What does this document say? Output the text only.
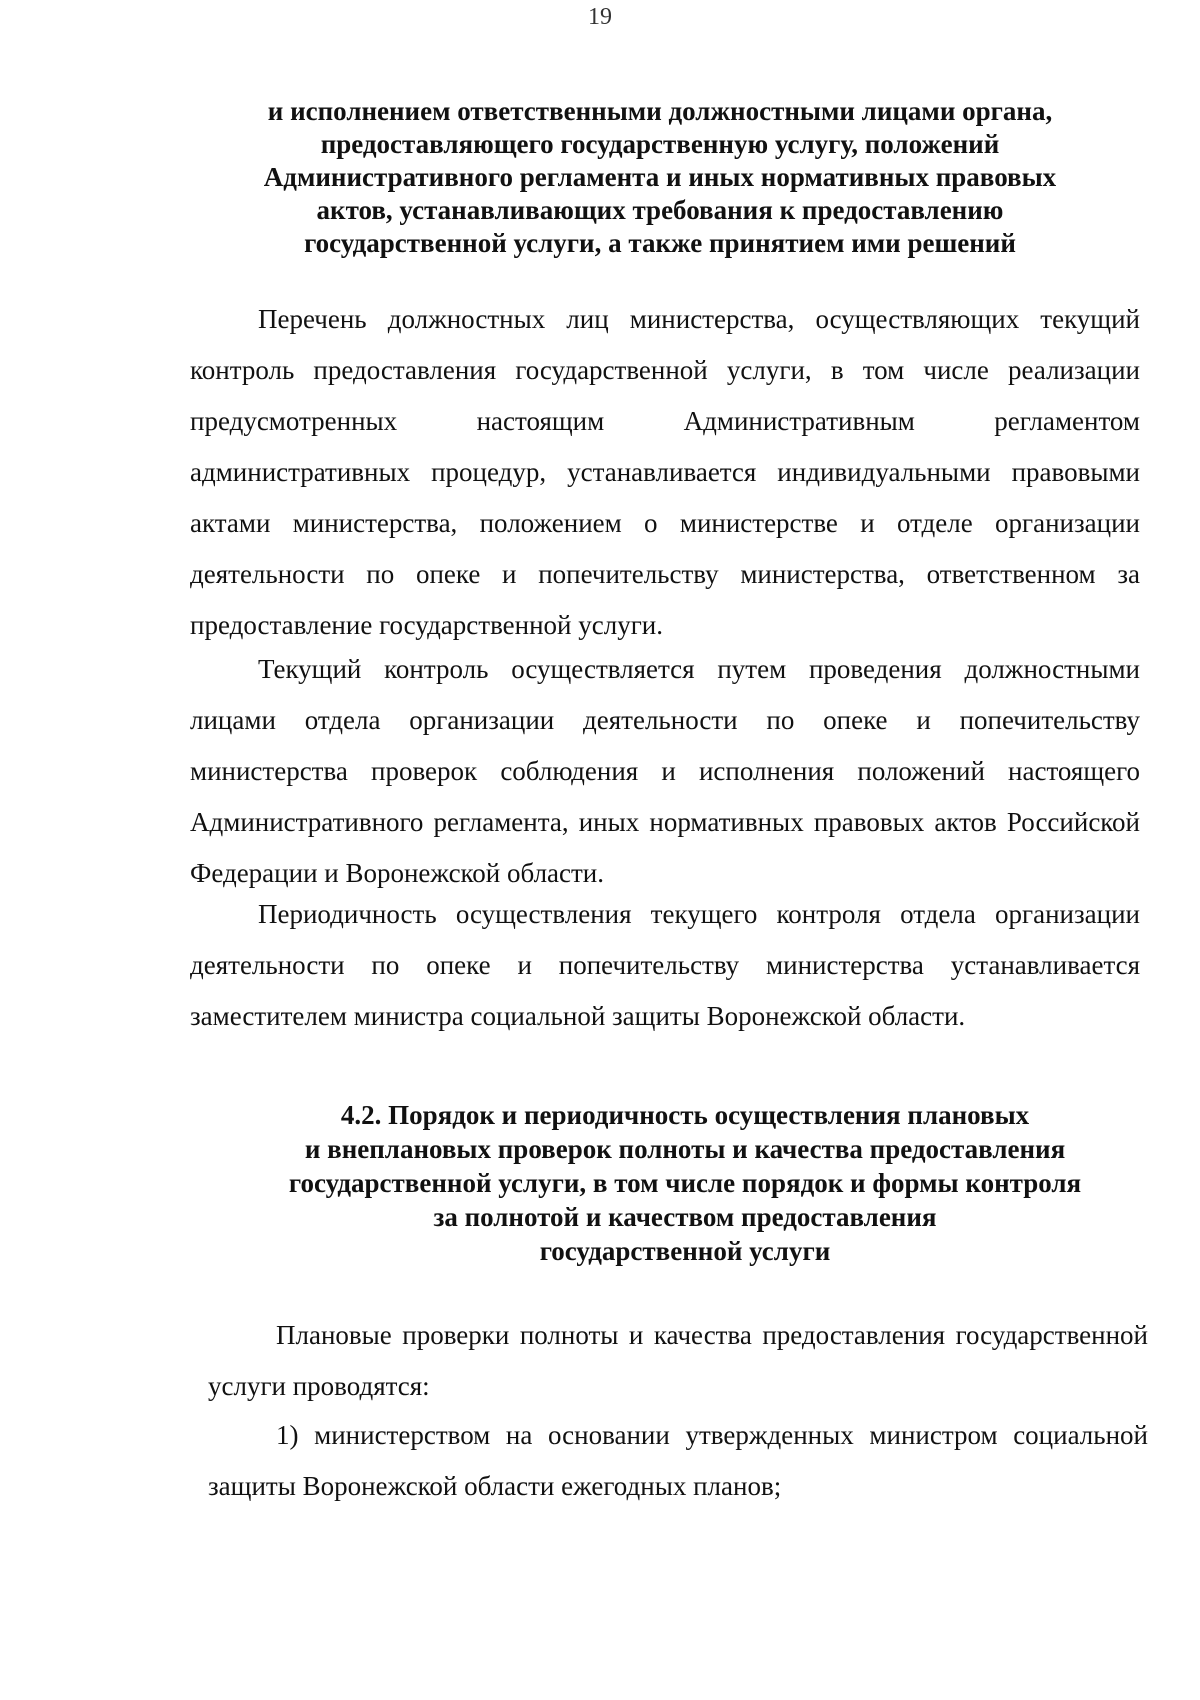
19
и исполнением ответственными должностными лицами органа,
предоставляющего государственную услугу, положений
Административного регламента и иных нормативных правовых
актов, устанавливающих требования к предоставлению
государственной услуги, а также принятием ими решений

Перечень должностных лиц министерства, осуществляющих текущий контроль предоставления государственной услуги, в том числе реализации предусмотренных настоящим Административным регламентом административных процедур, устанавливается индивидуальными правовыми актами министерства, положением о министерстве и отделе организации деятельности по опеке и попечительству министерства, ответственном за предоставление государственной услуги.

Текущий контроль осуществляется путем проведения должностными лицами отдела организации деятельности по опеке и попечительству министерства проверок соблюдения и исполнения положений настоящего Административного регламента, иных нормативных правовых актов Российской Федерации и Воронежской области.

Периодичность осуществления текущего контроля отдела организации деятельности по опеке и попечительству министерства устанавливается заместителем министра социальной защиты Воронежской области.

4.2. Порядок и периодичность осуществления плановых
и внеплановых проверок полноты и качества предоставления
государственной услуги, в том числе порядок и формы контроля
за полнотой и качеством предоставления
государственной услуги

Плановые проверки полноты и качества предоставления государственной услуги проводятся:

1) министерством на основании утвержденных министром социальной защиты Воронежской области ежегодных планов;
